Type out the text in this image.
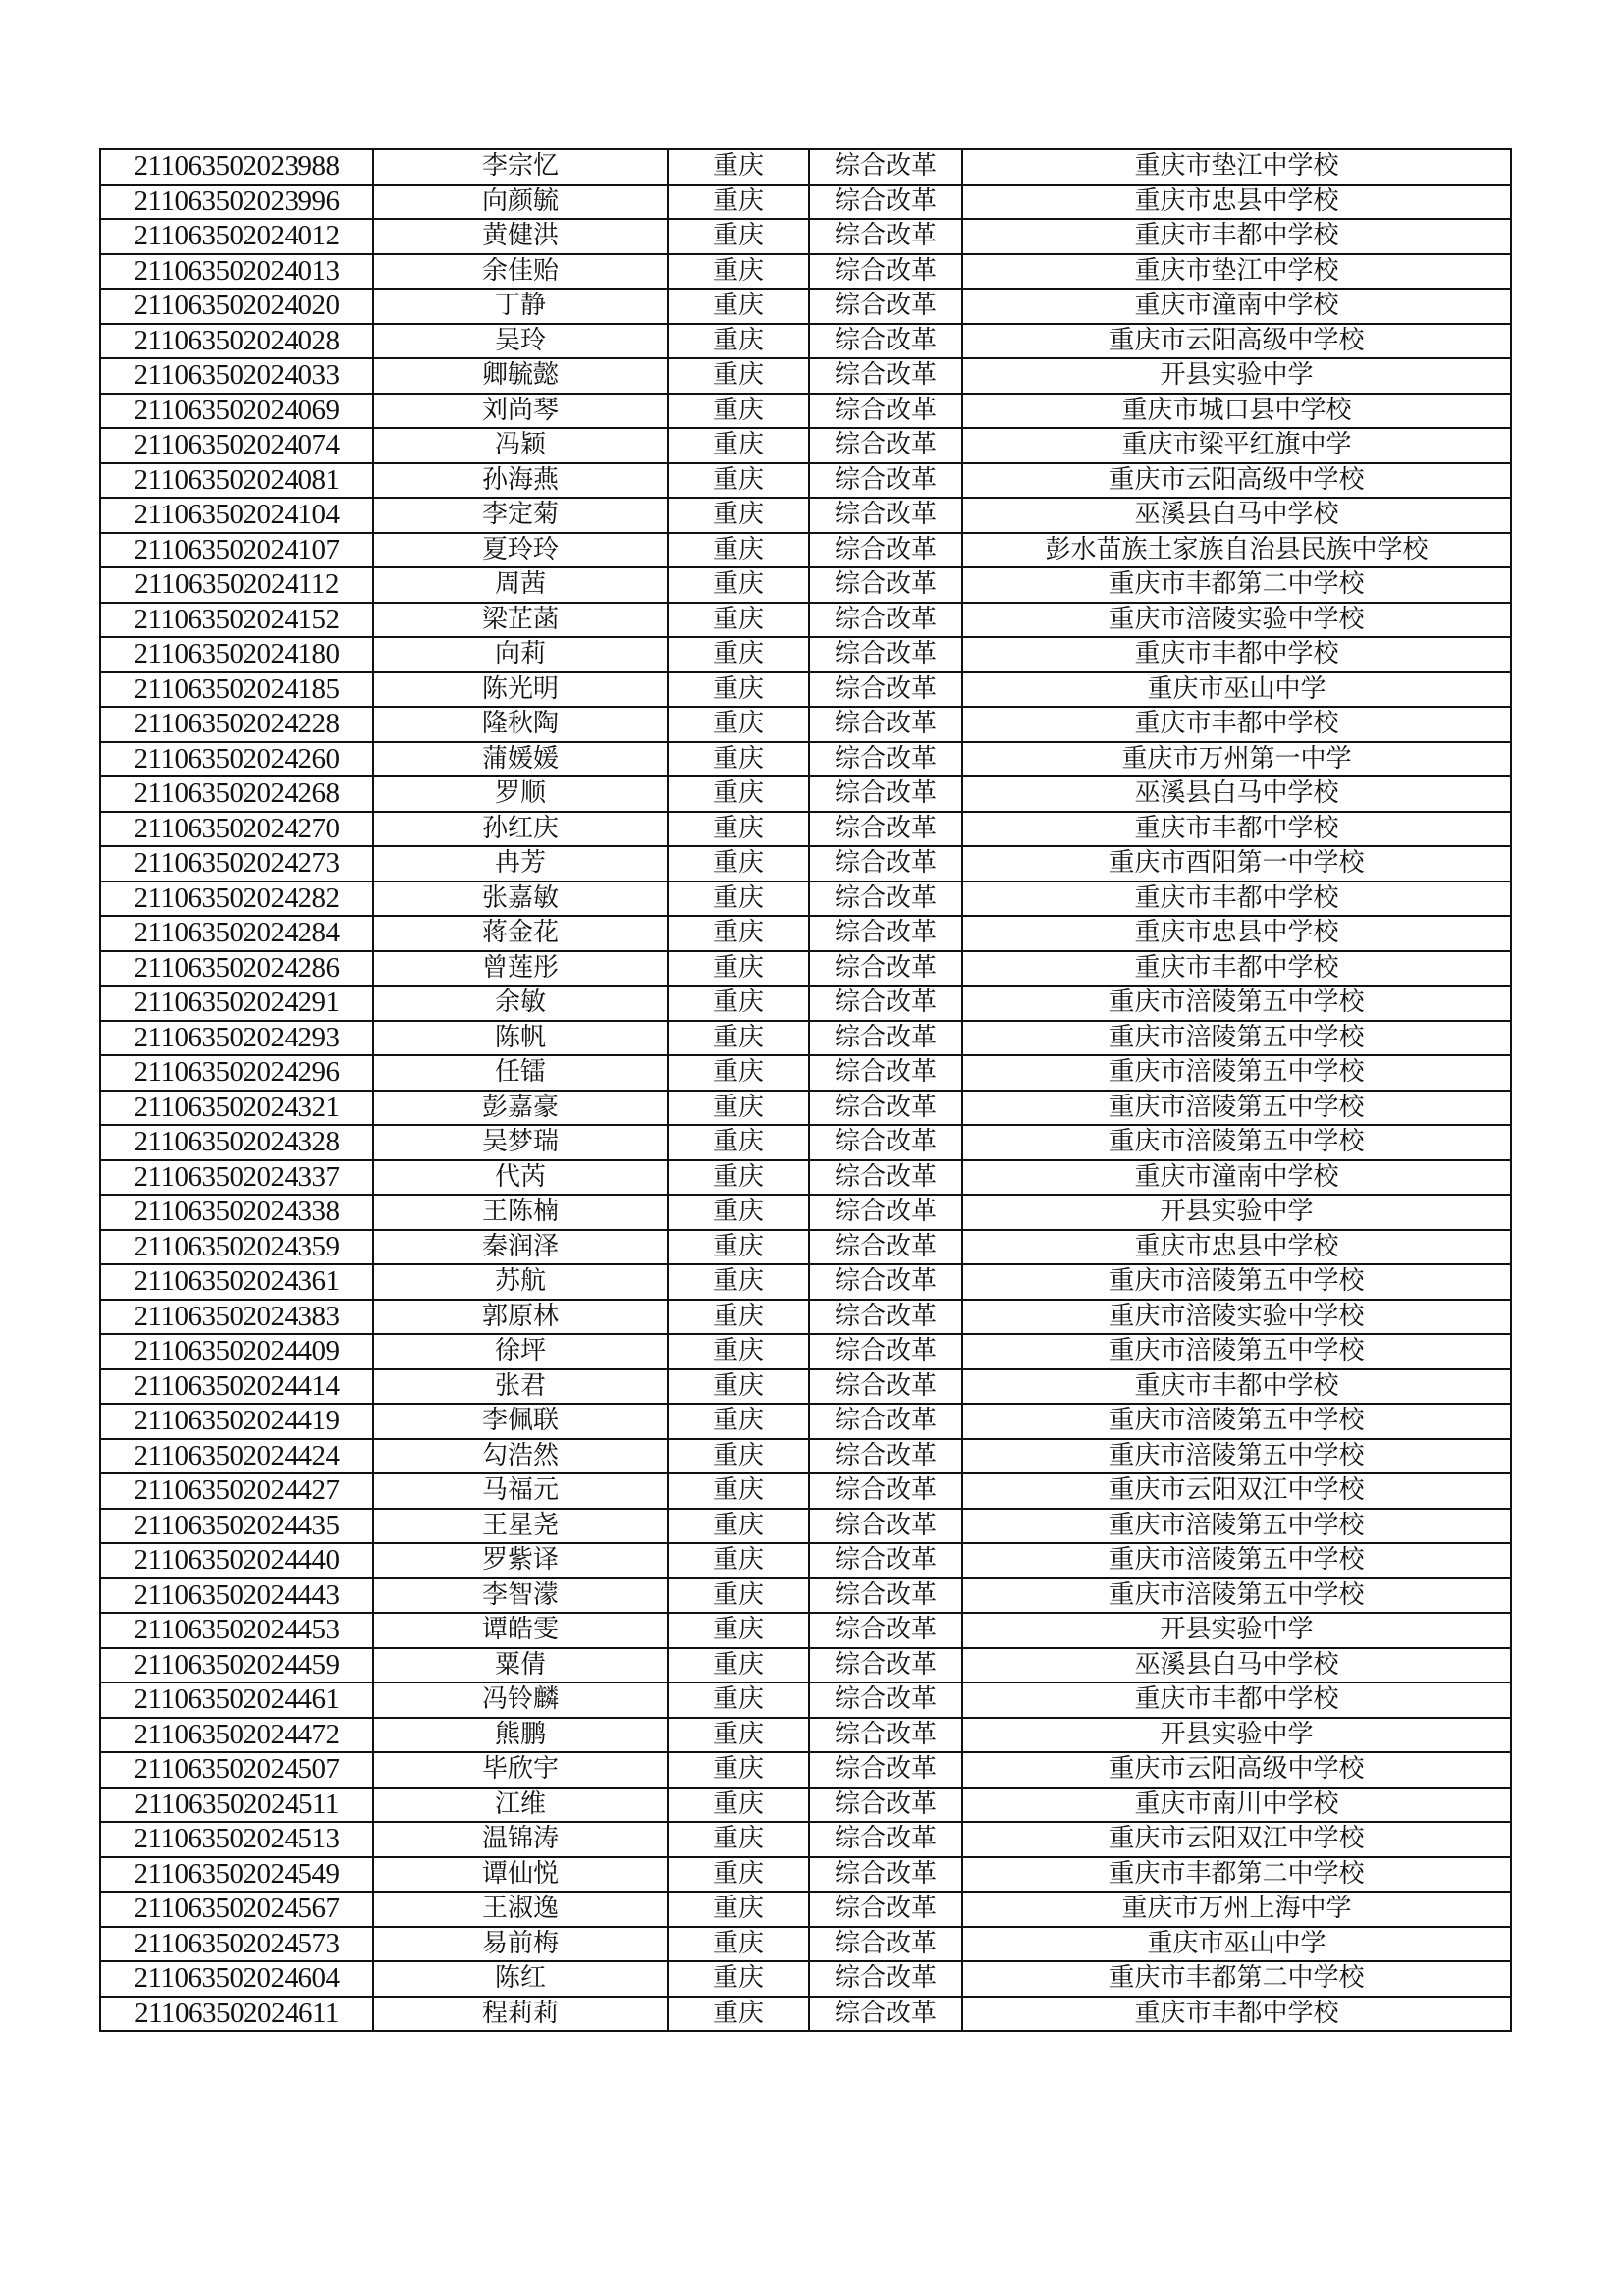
211063502023988	李宗忆	重庆	综合改革	重庆市垫江中学校
211063502023996	向颜毓	重庆	综合改革	重庆市忠县中学校
211063502024012	黄健洪	重庆	综合改革	重庆市丰都中学校
211063502024013	余佳贻	重庆	综合改革	重庆市垫江中学校
211063502024020	丁静	重庆	综合改革	重庆市潼南中学校
211063502024028	吴玲	重庆	综合改革	重庆市云阳高级中学校
211063502024033	卿毓懿	重庆	综合改革	开县实验中学
211063502024069	刘尚琴	重庆	综合改革	重庆市城口县中学校
211063502024074	冯颖	重庆	综合改革	重庆市梁平红旗中学
211063502024081	孙海燕	重庆	综合改革	重庆市云阳高级中学校
211063502024104	李定菊	重庆	综合改革	巫溪县白马中学校
211063502024107	夏玲玲	重庆	综合改革	彭水苗族土家族自治县民族中学校
211063502024112	周茜	重庆	综合改革	重庆市丰都第二中学校
211063502024152	梁芷菡	重庆	综合改革	重庆市涪陵实验中学校
211063502024180	向莉	重庆	综合改革	重庆市丰都中学校
211063502024185	陈光明	重庆	综合改革	重庆市巫山中学
211063502024228	隆秋陶	重庆	综合改革	重庆市丰都中学校
211063502024260	蒲媛媛	重庆	综合改革	重庆市万州第一中学
211063502024268	罗顺	重庆	综合改革	巫溪县白马中学校
211063502024270	孙红庆	重庆	综合改革	重庆市丰都中学校
211063502024273	冉芳	重庆	综合改革	重庆市酉阳第一中学校
211063502024282	张嘉敏	重庆	综合改革	重庆市丰都中学校
211063502024284	蒋金花	重庆	综合改革	重庆市忠县中学校
211063502024286	曾莲彤	重庆	综合改革	重庆市丰都中学校
211063502024291	余敏	重庆	综合改革	重庆市涪陵第五中学校
211063502024293	陈帆	重庆	综合改革	重庆市涪陵第五中学校
211063502024296	任镭	重庆	综合改革	重庆市涪陵第五中学校
211063502024321	彭嘉豪	重庆	综合改革	重庆市涪陵第五中学校
211063502024328	吴梦瑞	重庆	综合改革	重庆市涪陵第五中学校
211063502024337	代芮	重庆	综合改革	重庆市潼南中学校
211063502024338	王陈楠	重庆	综合改革	开县实验中学
211063502024359	秦润泽	重庆	综合改革	重庆市忠县中学校
211063502024361	苏航	重庆	综合改革	重庆市涪陵第五中学校
211063502024383	郭原林	重庆	综合改革	重庆市涪陵实验中学校
211063502024409	徐坪	重庆	综合改革	重庆市涪陵第五中学校
211063502024414	张君	重庆	综合改革	重庆市丰都中学校
211063502024419	李佩联	重庆	综合改革	重庆市涪陵第五中学校
211063502024424	勾浩然	重庆	综合改革	重庆市涪陵第五中学校
211063502024427	马福元	重庆	综合改革	重庆市云阳双江中学校
211063502024435	王星尧	重庆	综合改革	重庆市涪陵第五中学校
211063502024440	罗紫译	重庆	综合改革	重庆市涪陵第五中学校
211063502024443	李智濛	重庆	综合改革	重庆市涪陵第五中学校
211063502024453	谭皓雯	重庆	综合改革	开县实验中学
211063502024459	粟倩	重庆	综合改革	巫溪县白马中学校
211063502024461	冯铃麟	重庆	综合改革	重庆市丰都中学校
211063502024472	熊鹏	重庆	综合改革	开县实验中学
211063502024507	毕欣宇	重庆	综合改革	重庆市云阳高级中学校
211063502024511	江维	重庆	综合改革	重庆市南川中学校
211063502024513	温锦涛	重庆	综合改革	重庆市云阳双江中学校
211063502024549	谭仙悦	重庆	综合改革	重庆市丰都第二中学校
211063502024567	王淑逸	重庆	综合改革	重庆市万州上海中学
211063502024573	易前梅	重庆	综合改革	重庆市巫山中学
211063502024604	陈红	重庆	综合改革	重庆市丰都第二中学校
211063502024611	程莉莉	重庆	综合改革	重庆市丰都中学校
